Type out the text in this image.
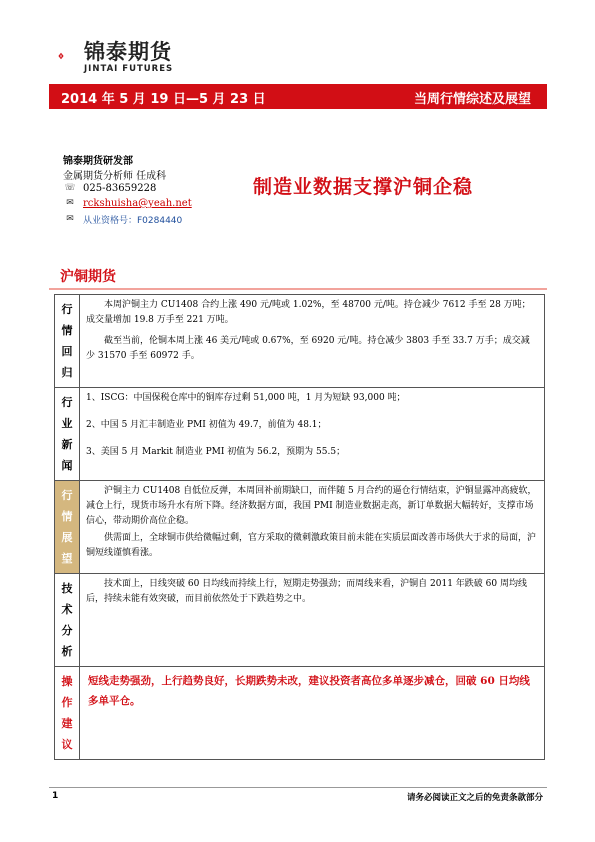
锦泰期货
JINTAI FUTURES
2014 年 5 月 19 日—5 月 23 日	当周行情综述及展望
锦泰期货研发部
金属期货分析师 任成科
☏ 025-83659228
✉ rckshuisha@yeah.net
✉	从业资格号：F0284440
制造业数据支撑沪铜企稳
沪铜期货
行情回归	本周沪铜主力 CU1408 合约上涨 490 元/吨或 1.02%，至 48700 元/吨。持仓减少 7612 手至 28 万吨；成交量增加 19.8 万手至 221 万吨。

截至当前，伦铜本周上涨 46 美元/吨或 0.67%，至 6920 元/吨。持仓减少 3803 手至 33.7 万手；成交减少 31570 手至 60972 手。

行业新闻	1、ISCG：中国保税仓库中的铜库存过剩 51,000 吨，1 月为短缺 93,000 吨；

2、中国 5 月汇丰制造业 PMI 初值为 49.7，前值为 48.1；

3、美国 5 月 Markit 制造业 PMI 初值为 56.2，预期为 55.5；

行情展望	沪铜主力 CU1408 自低位反弹，本周回补前期缺口，而伴随 5 月合约的逼仓行情结束，沪铜显露冲高疲软，减仓上行，现货市场升水有所下降。经济数据方面，我国 PMI 制造业数据走高，新订单数据大幅转好，支撑市场信心，带动期价高位企稳。

供需面上，全球铜市供给微幅过剩，官方采取的微刺激政策目前未能在实质层面改善市场供大于求的局面，沪铜短线谨慎看涨。

技术分析	技术面上，日线突破 60 日均线而持续上行，短期走势强劲；而周线来看，沪铜自 2011 年跌破 60 周均线后，持续未能有效突破，而目前依然处于下跌趋势之中。

操作建议	短线走势强劲，上行趋势良好，长期跌势未改，建议投资者高位多单逐步减仓，回破 60 日均线多单平仓。
1	请务必阅读正文之后的免责条款部分
